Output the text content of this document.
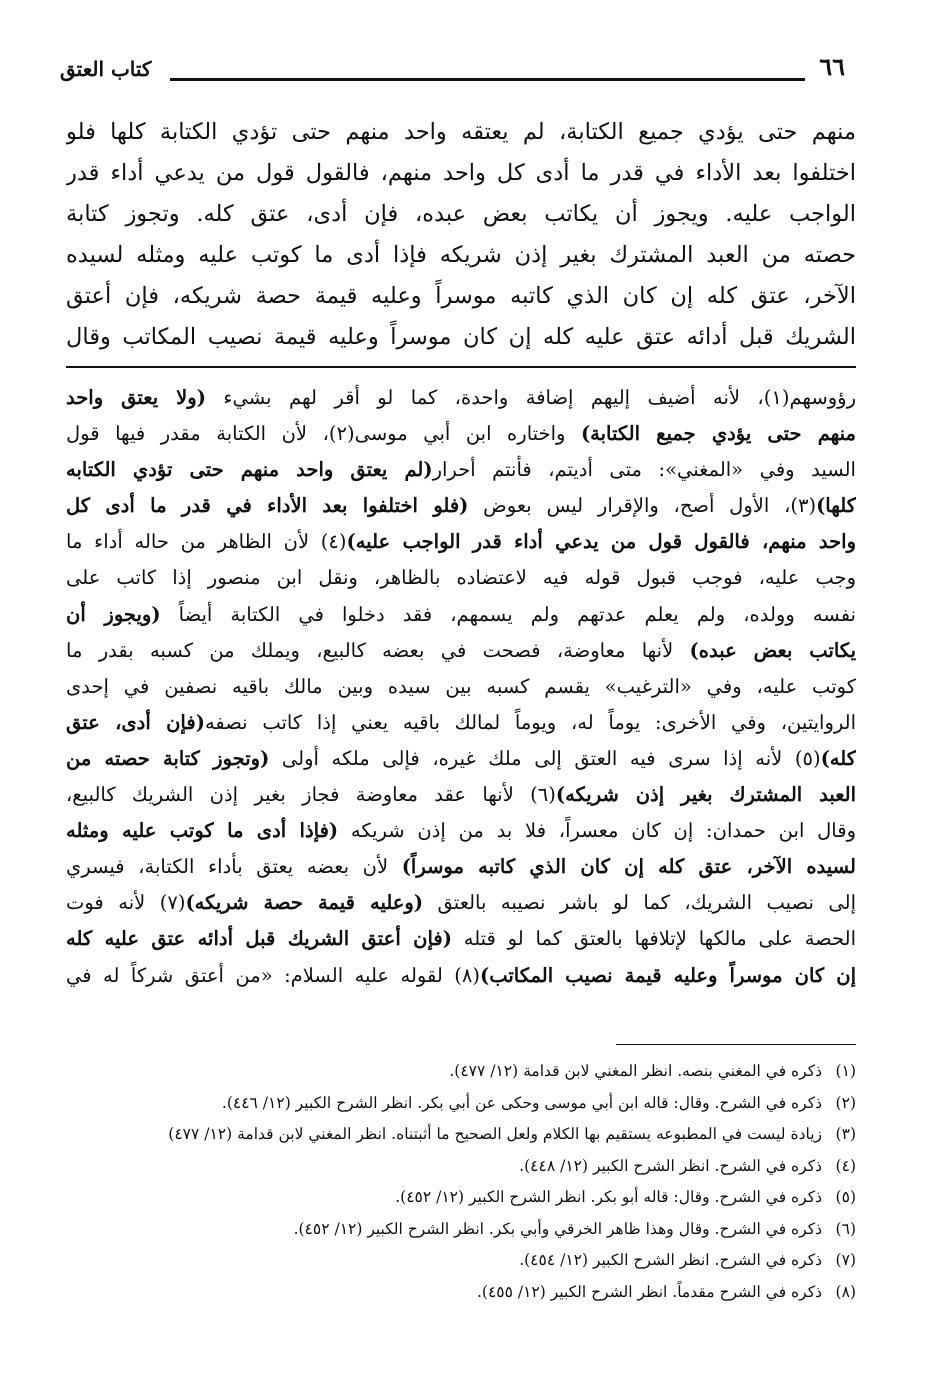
٦٦
كتاب العتق
منهم حتى يؤدي جميع الكتابة، لم يعتقه واحد منهم حتى تؤدي الكتابة كلها فلو
اختلفوا بعد الأداء في قدر ما أدى كل واحد منهم، فالقول قول من يدعي أداء قدر
الواجب عليه. ويجوز أن يكاتب بعض عبده، فإن أدى، عتق كله. وتجوز كتابة
حصته من العبد المشترك بغير إذن شريكه فإذا أدى ما كوتب عليه ومثله لسيده
الآخر، عتق كله إن كان الذي كاتبه موسراً وعليه قيمة حصة شريكه، فإن أعتق
الشريك قبل أدائه عتق عليه كله إن كان موسراً وعليه قيمة نصيب المكاتب وقال
رؤوسهم(١)، لأنه أضيف إليهم إضافة واحدة، كما لو أقر لهم بشيء (ولا يعتق واحد
منهم حتى يؤدي جميع الكتابة) واختاره ابن أبي موسى(٢)، لأن الكتابة مقدر فيها قول
السيد وفي «المغني»: متى أديتم، فأنتم أحرار(لم يعتق واحد منهم حتى تؤدي الكتابه
كلها)(٣)، الأول أصح، والإقرار ليس بعوض (فلو اختلفوا بعد الأداء في قدر ما أدى كل
واحد منهم، فالقول قول من يدعي أداء قدر الواجب عليه)(٤) لأن الظاهر من حاله أداء ما
وجب عليه، فوجب قبول قوله فيه لاعتضاده بالظاهر، ونقل ابن منصور إذا كاتب على
نفسه وولده، ولم يعلم عدتهم ولم يسمهم، فقد دخلوا في الكتابة أيضاً (ويجوز أن
يكاتب بعض عبده) لأنها معاوضة، فصحت في بعضه كالبيع، ويملك من كسبه بقدر ما
كوتب عليه، وفي «الترغيب» يقسم كسبه بين سيده وبين مالك باقيه نصفين في إحدى
الروايتين، وفي الأخرى: يوماً له، ويوماً لمالك باقيه يعني إذا كاتب نصفه(فإن أدى، عتق
كله)(٥) لأنه إذا سرى فيه العتق إلى ملك غيره، فإلى ملكه أولى (وتجوز كتابة حصته من
العبد المشترك بغير إذن شريكه)(٦) لأنها عقد معاوضة فجاز بغير إذن الشريك كالبيع،
وقال ابن حمدان: إن كان معسراً، فلا بد من إذن شريكه (فإذا أدى ما كوتب عليه ومثله
لسيده الآخر، عتق كله إن كان الذي كاتبه موسراً) لأن بعضه يعتق بأداء الكتابة، فيسري
إلى نصيب الشريك، كما لو باشر نصيبه بالعتق (وعليه قيمة حصة شريكه)(٧) لأنه فوت
الحصة على مالكها لإتلافها بالعتق كما لو قتله (فإن أعتق الشريك قبل أدائه عتق عليه كله
إن كان موسراً وعليه قيمة نصيب المكاتب)(٨) لقوله عليه السلام: «من أعتق شركاً له في
(١)ذكره في المغني بنصه. انظر المغني لابن قدامة (١٢/ ٤٧٧).
(٢)ذكره في الشرح. وقال: قاله ابن أبي موسى وحكى عن أبي بكر. انظر الشرح الكبير (١٢/ ٤٤٦).
(٣)زيادة ليست في المطبوعه يستقيم بها الكلام ولعل الصحيح ما أثبتناه. انظر المغني لابن قدامة (١٢/ ٤٧٧)
(٤)ذكره في الشرح. انظر الشرح الكبير (١٢/ ٤٤٨).
(٥)ذكره في الشرح. وقال: قاله أبو بكر. انظر الشرح الكبير (١٢/ ٤٥٢).
(٦)ذكره في الشرح. وقال وهذا ظاهر الخرقي وأبي بكر. انظر الشرح الكبير (١٢/ ٤٥٢).
(٧)ذكره في الشرح. انظر الشرح الكبير (١٢/ ٤٥٤).
(٨)ذكره في الشرح مقدماً. انظر الشرح الكبير (١٢/ ٤٥٥).
